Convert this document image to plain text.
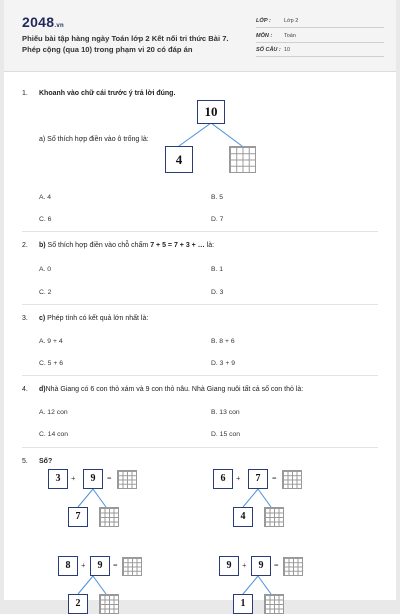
2048.vn
Phiếu bài tập hàng ngày Toán lớp 2 Kết nối tri thức Bài 7.
Phép cộng (qua 10) trong phạm vi 20 có đáp án
LỚP : Lớp 2
MÔN : Toán
SỐ CÂU : 10
1. Khoanh vào chữ cái trước ý trả lời đúng.
a) Số thích hợp điền vào ô trống là:
10
4
A. 4	B. 5
C. 6	D. 7
2. b) Số thích hợp điền vào chỗ chấm 7 + 5 = 7 + 3 + … là:
A. 0	B. 1
C. 2	D. 3
3. c) Phép tính có kết quả lớn nhất là:
A. 9 + 4	B. 8 + 6
C. 5 + 6	D. 3 + 9
4. d)Nhà Giang có 6 con thỏ xám và 9 con thỏ nâu. Nhà Giang nuôi tất cả số con thỏ là:
A. 12 con	B. 13 con
C. 14 con	D. 15 con
5. Số?
3	+	9	=
7
6	+	7	=
4
8	+	9	=
2
9	+	9	=
1
